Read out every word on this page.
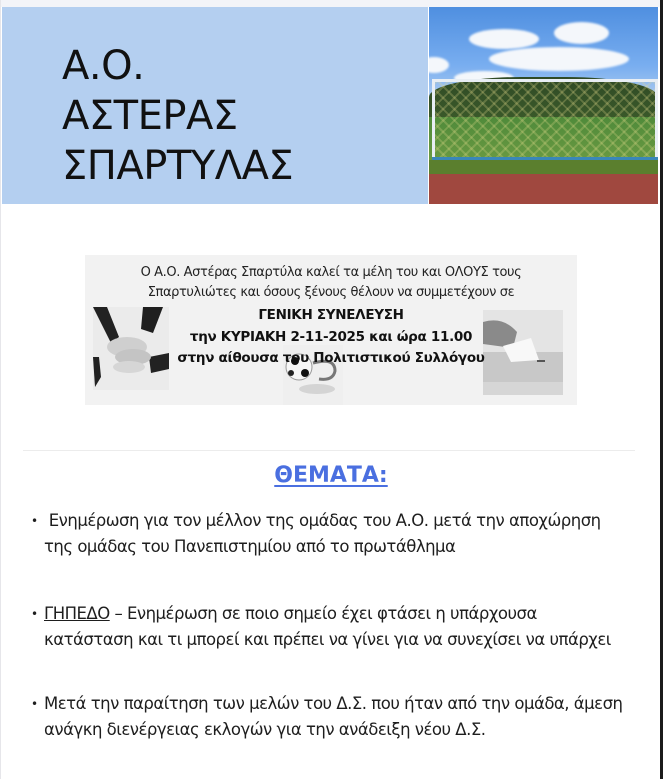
Α.Ο.
ΑΣΤΕΡΑΣ
ΣΠΑΡΤΥΛΑΣ
Ο Α.Ο. Αστέρας Σπαρτύλα καλεί τα μέλη του και ΟΛΟΥΣ τους
Σπαρτυλιώτες και όσους ξένους θέλουν να συμμετέχουν σε
ΓΕΝΙΚΗ ΣΥΝΕΛΕΥΣΗ
την ΚΥΡΙΑΚΗ 2-11-2025 και ώρα 11.00
στην αίθουσα του Πολιτιστικού Συλλόγου
ΘΕΜΑΤΑ:
• Ενημέρωση για τον μέλλον της ομάδας του Α.Ο. μετά την αποχώρηση
της ομάδας του Πανεπιστημίου από το πρωτάθλημα
• ΓΗΠΕΔΟ – Ενημέρωση σε ποιο σημείο έχει φτάσει η υπάρχουσα
κατάσταση και τι μπορεί και πρέπει να γίνει για να συνεχίσει να υπάρχει
• Μετά την παραίτηση των μελών του Δ.Σ. που ήταν από την ομάδα, άμεση
ανάγκη διενέργειας εκλογών για την ανάδειξη νέου Δ.Σ.
